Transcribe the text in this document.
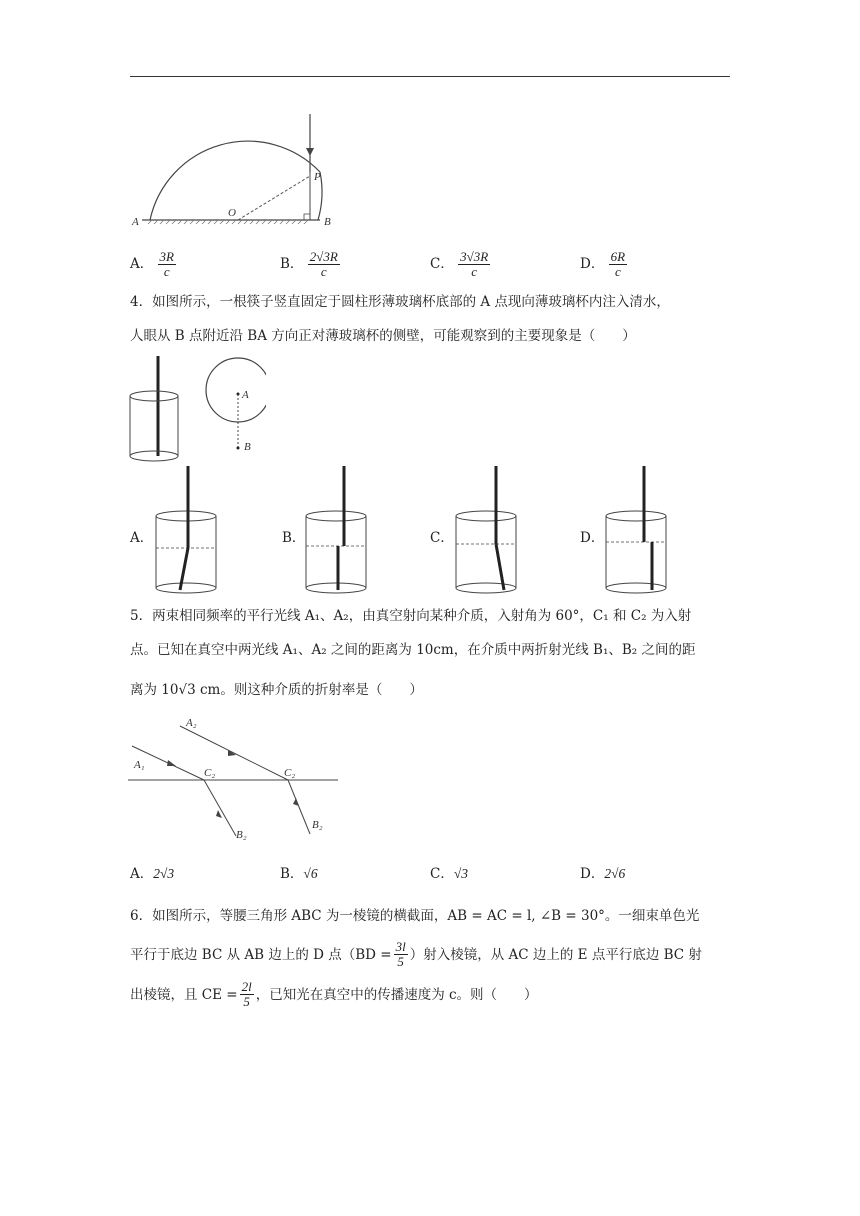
A
O
P
B
A． $\frac{3R}{c}$	B． $\frac{2√3R}{c}$	C． $\frac{3√3R}{c}$	D． $\frac{6R}{c}$
4．如图所示，一根筷子竖直固定于圆柱形薄玻璃杯底部的 A 点现向薄玻璃杯内注入清水，
人眼从 B 点附近沿 BA 方向正对薄玻璃杯的侧壁，可能观察到的主要现象是（　　）
A
B
A．	B．	C．	D．
5．两束相同频率的平行光线 A₁、A₂，由真空射向某种介质，入射角为 60°，C₁ 和 C₂ 为入射
点。已知在真空中两光线 A₁、A₂ 之间的距离为 10cm，在介质中两折射光线 B₁、B₂ 之间的距
离为 10√3 cm。则这种介质的折射率是（　　）
A₂
A₁
C₂	C₂
B₂
B₂
A．2√3	B．√6	C．√3	D．2√6
6．如图所示，等腰三角形 ABC 为一棱镜的横截面，AB = AC = l, ∠B = 30°。一细束单色光
平行于底边 BC 从 AB 边上的 D 点（$BD = \frac{3l}{5}$ ）射入棱镜，从 AC 边上的 E 点平行底边 BC 射
出棱镜，且 CE = $\frac{2l}{5}$ ，已知光在真空中的传播速度为 c。则（　　）
